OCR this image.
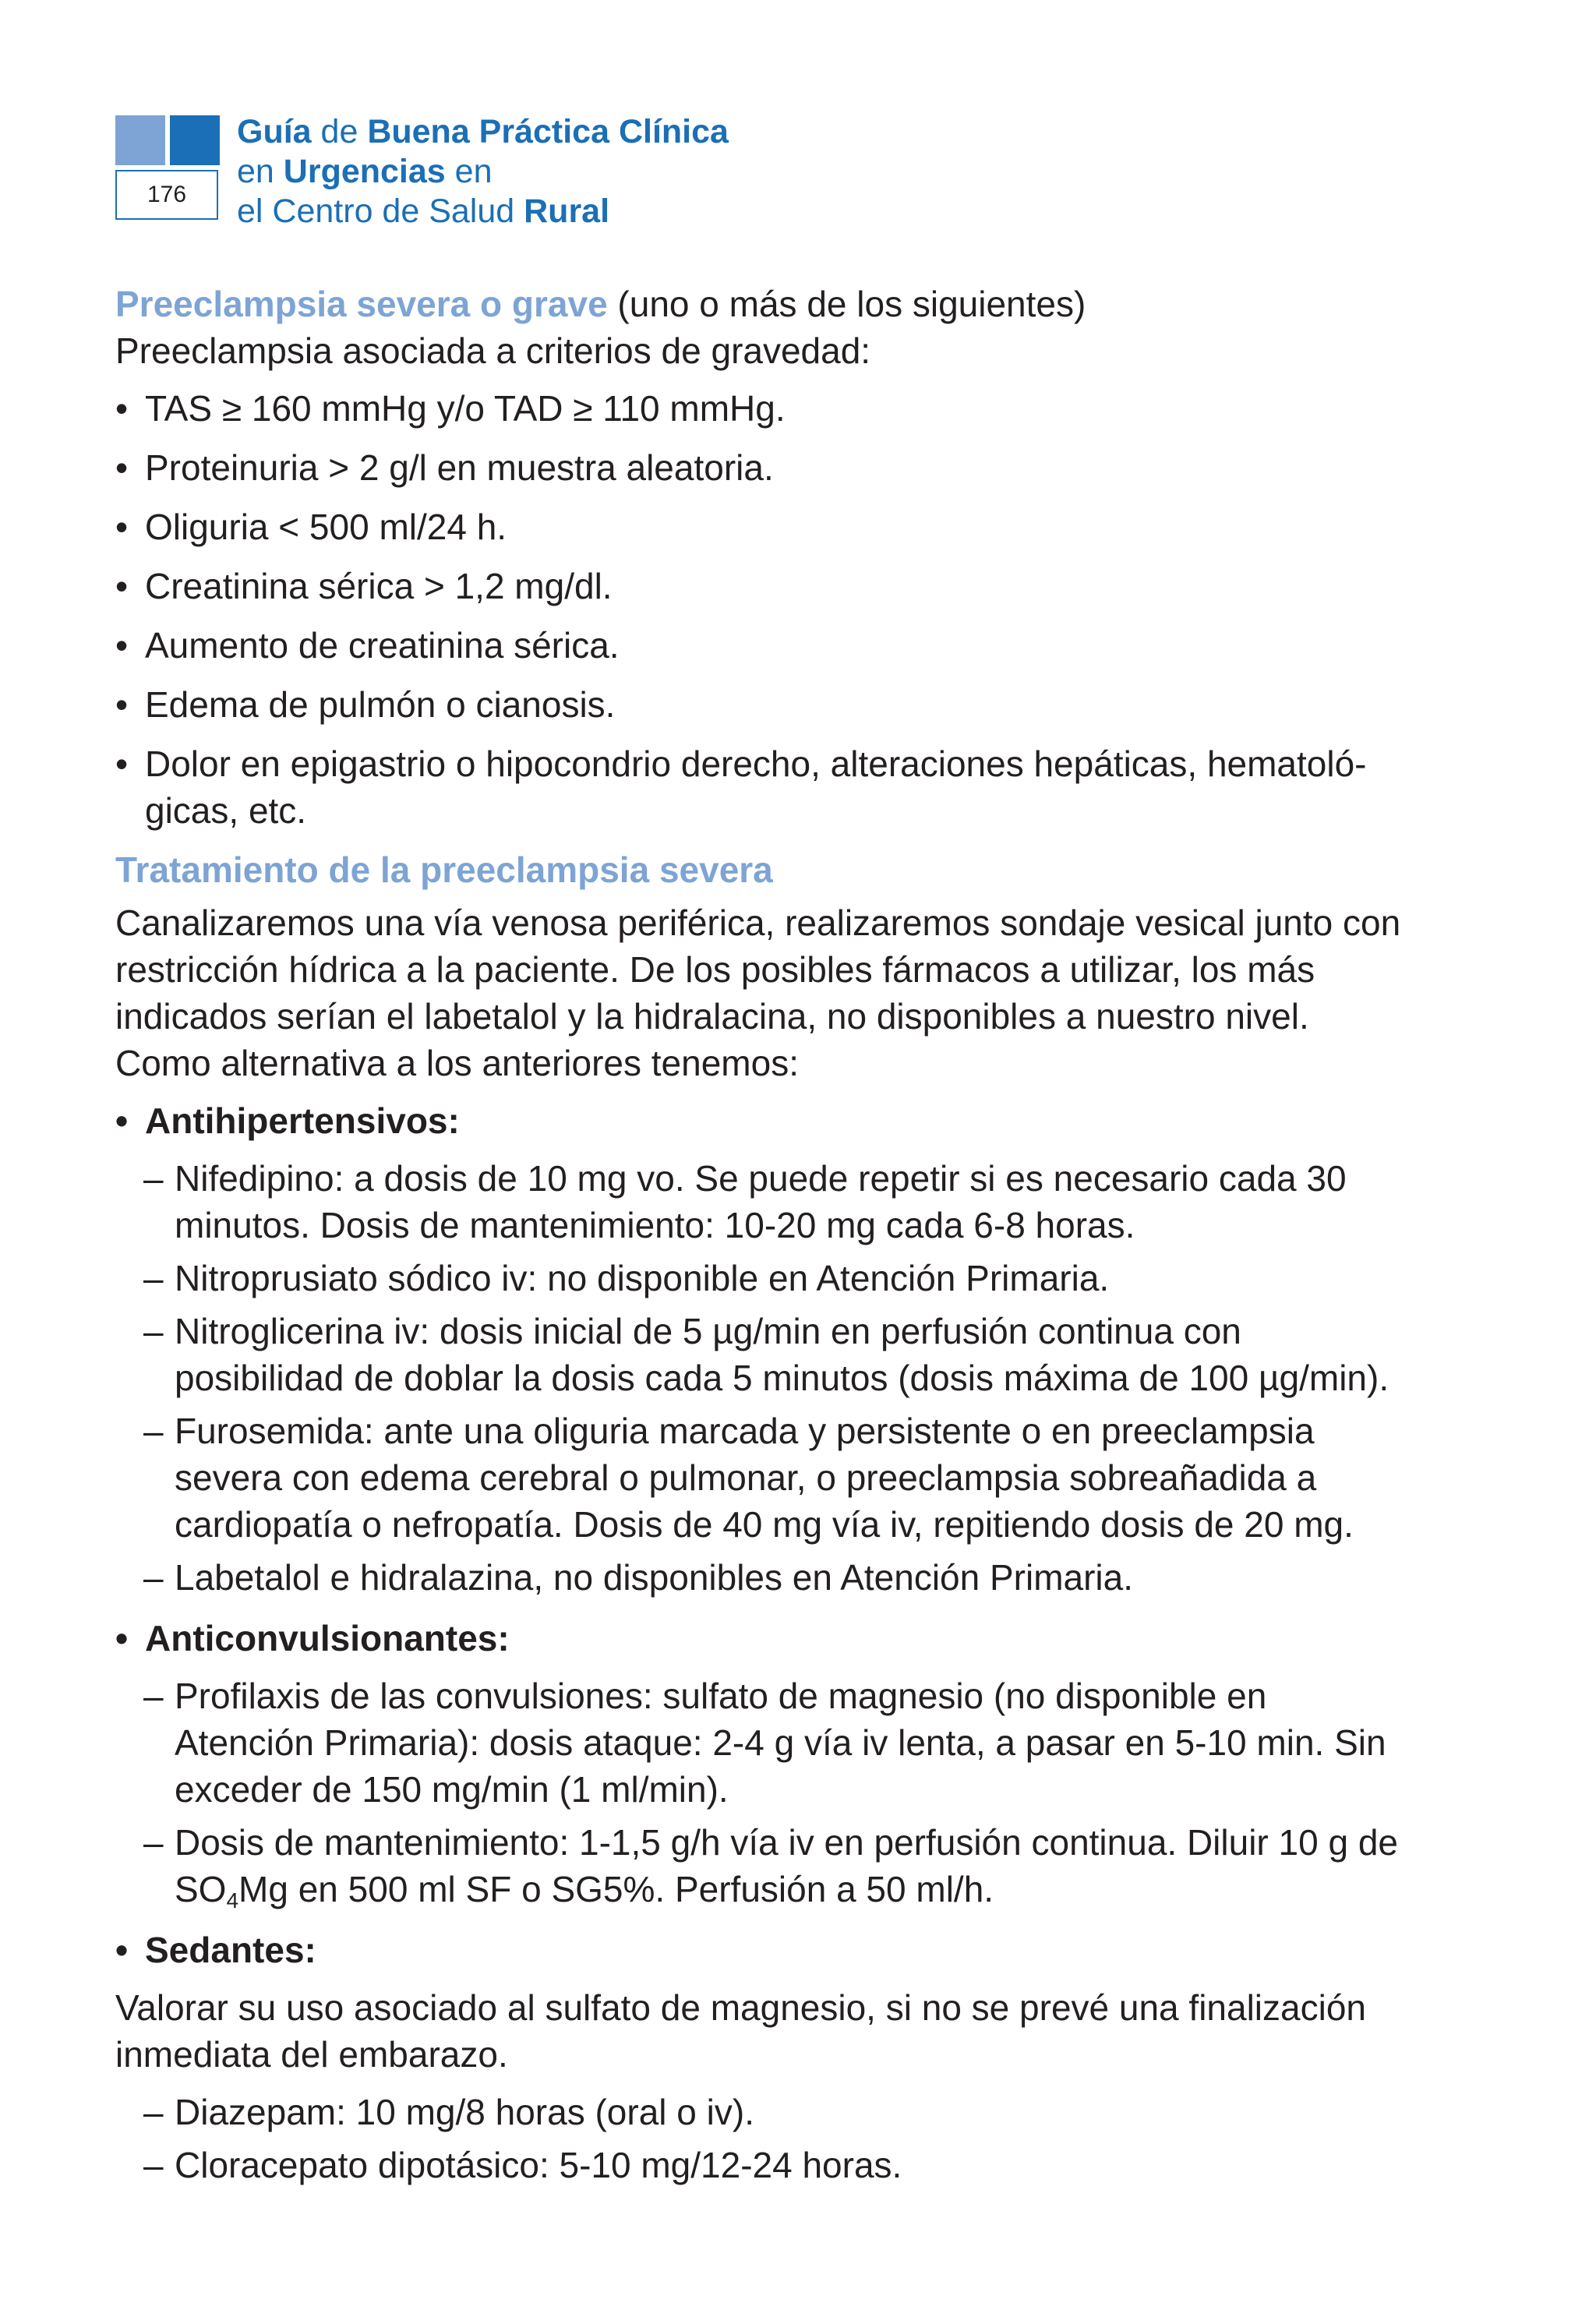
176
Guía de Buena Práctica Clínica
en Urgencias en
el Centro de Salud Rural

Preeclampsia severa o grave (uno o más de los siguientes)

Preeclampsia asociada a criterios de gravedad:

• TAS ≥ 160 mmHg y/o TAD ≥ 110 mmHg.
• Proteinuria > 2 g/l en muestra aleatoria.
• Oliguria < 500 ml/24 h.
• Creatinina sérica > 1,2 mg/dl.
• Aumento de creatinina sérica.
• Edema de pulmón o cianosis.
• Dolor en epigastrio o hipocondrio derecho, alteraciones hepáticas, hematoló-gicas, etc.

Tratamiento de la preeclampsia severa

Canalizaremos una vía venosa periférica, realizaremos sondaje vesical junto con restricción hídrica a la paciente. De los posibles fármacos a utilizar, los más indicados serían el labetalol y la hidralacina, no disponibles a nuestro nivel. Como alternativa a los anteriores tenemos:

• Antihipertensivos:
– Nifedipino: a dosis de 10 mg vo. Se puede repetir si es necesario cada 30 minutos. Dosis de mantenimiento: 10-20 mg cada 6-8 horas.
– Nitroprusiato sódico iv: no disponible en Atención Primaria.
– Nitroglicerina iv: dosis inicial de 5 µg/min en perfusión continua con posibilidad de doblar la dosis cada 5 minutos (dosis máxima de 100 µg/min).
– Furosemida: ante una oliguria marcada y persistente o en preeclampsia severa con edema cerebral o pulmonar, o preeclampsia sobreañadida a cardiopatía o nefropatía. Dosis de 40 mg vía iv, repitiendo dosis de 20 mg.
– Labetalol e hidralazina, no disponibles en Atención Primaria.
• Anticonvulsionantes:
– Profilaxis de las convulsiones: sulfato de magnesio (no disponible en Atención Primaria): dosis ataque: 2-4 g vía iv lenta, a pasar en 5-10 min. Sin exceder de 150 mg/min (1 ml/min).
– Dosis de mantenimiento: 1-1,5 g/h vía iv en perfusión continua. Diluir 10 g de $SO_4Mg$ en 500 ml SF o SG5%. Perfusión a 50 ml/h.
• Sedantes:

Valorar su uso asociado al sulfato de magnesio, si no se prevé una finalización inmediata del embarazo.

– Diazepam: 10 mg/8 horas (oral o iv).
– Cloracepato dipotásico: 5-10 mg/12-24 horas.
